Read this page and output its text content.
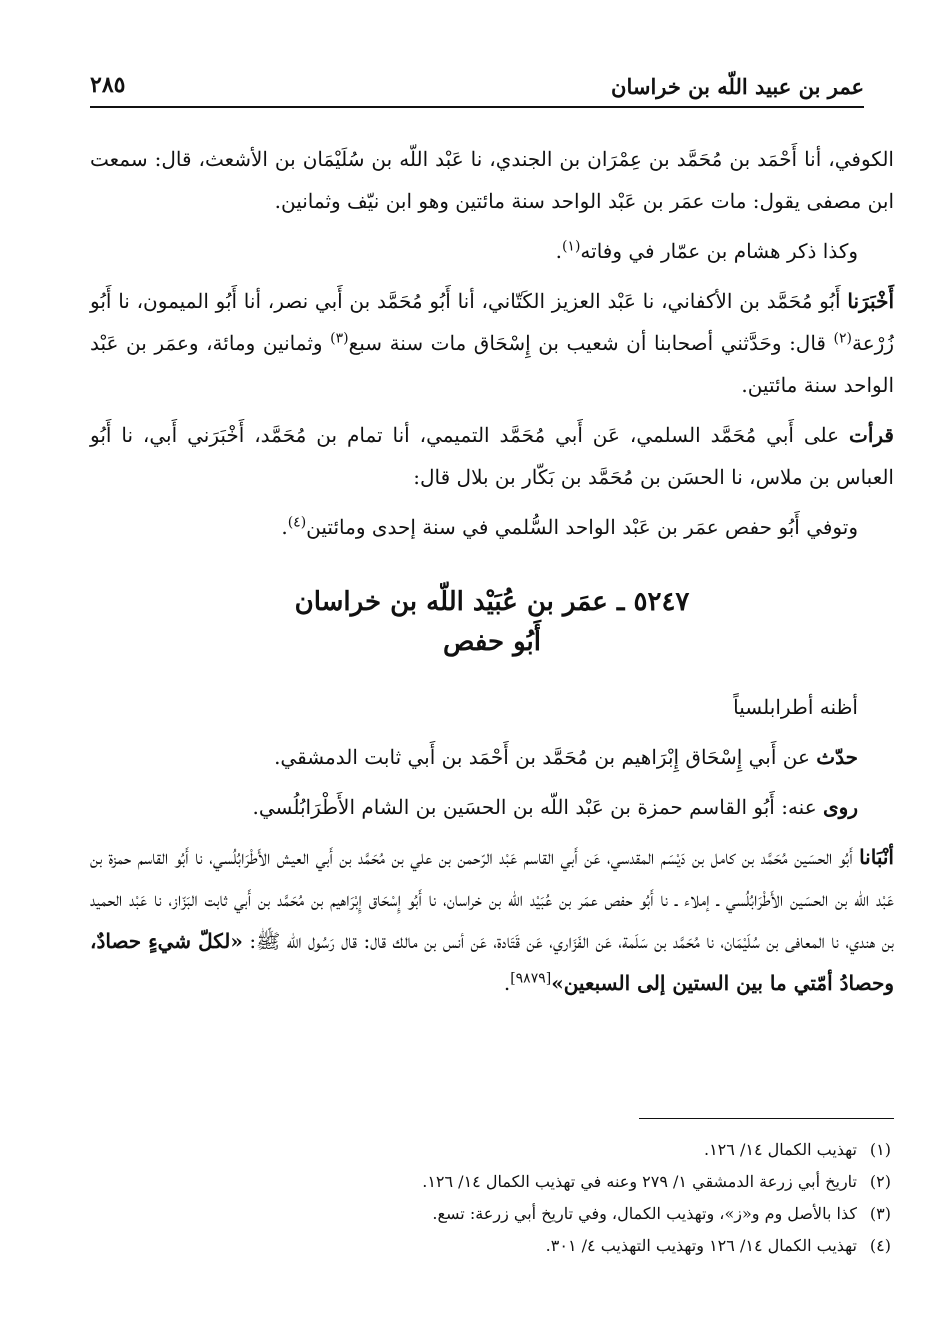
عمر بن عبيد اللّه بن خراسان
٢٨٥

الكوفي، أنا أَحْمَد بن مُحَمَّد بن عِمْرَان بن الجندي، نا عَبْد اللّه بن سُلَيْمَان بن الأشعث، قال: سمعت ابن مصفى يقول: مات عمَر بن عَبْد الواحد سنة مائتين وهو ابن نيّف وثمانين.

وكذا ذكر هشام بن عمّار في وفاته$^{(١)}$.

أَخْبَرَنا أَبُو مُحَمَّد بن الأكفاني، نا عَبْد العزيز الكَتّاني، أنا أَبُو مُحَمَّد بن أَبي نصر، أنا أَبُو الميمون، نا أَبُو زُرْعة$^{(٢)}$ قال: وحَدَّثني أصحابنا أن شعيب بن إِسْحَاق مات سنة سبع$^{(٣)}$ وثمانين ومائة، وعمَر بن عَبْد الواحد سنة مائتين.

قرأت على أَبي مُحَمَّد السلمي، عَن أَبي مُحَمَّد التميمي، أنا تمام بن مُحَمَّد، أَخْبَرَني أَبي، نا أَبُو العباس بن ملاس، نا الحسَن بن مُحَمَّد بن بَكّار بن بلال قال:

وتوفي أَبُو حفص عمَر بن عَبْد الواحد السُّلمي في سنة إحدى ومائتين$^{(٤)}$.

٥٢٤٧ ـ عمَر بن عُبَيْد اللّه بن خراسان
أَبُو حفص

أظنه أطرابلسياً

حدّث عن أَبي إِسْحَاق إِبْرَاهيم بن مُحَمَّد بن أَحْمَد بن أَبي ثابت الدمشقي.

روى عنه: أَبُو القاسم حمزة بن عَبْد اللّه بن الحسَين بن الشام الأَطْرَابُلُسي.

أنْبَانا أَبُو الحسَين مُحَمَّد بن كامل بن دَيْسَم المقدسي، عَن أَبي القاسم عَبْد الرّحمن بن علي بن مُحَمَّد بن أَبي العيش الأَطْرَابُلُسي، نا أَبُو القاسم حمزة بن عَبْد اللّه بن الحسَين الأَطْرَابُلُسي ـ إملاء ـ نا أَبُو حفص عمَر بن عُبَيْد اللّه بن خراسان، نا أَبُو إِسْحَاق إِبْرَاهيم بن مُحَمَّد بن أَبي ثابت البَزّاز، نا عَبْد الحميد بن هندي، نا المعافى بن سُلَيْمَان، نا مُحَمَّد بن سَلَمة، عَن الفَزَاري، عَن قَتَادة، عَن أنس بن مالك قال: قال رَسُول اللّه ﷺ: «لكلّ شيءٍ حصادٌ، وحصادُ أمّتي ما بين الستين إلى السبعين»[٩٨٧٩].

(١)تهذيب الكمال ١٤/ ١٢٦.
(٢)تاريخ أبي زرعة الدمشقي ١/ ٢٧٩ وعنه في تهذيب الكمال ١٤/ ١٢٦.
(٣)كذا بالأصل وم و«ز»، وتهذيب الكمال، وفي تاريخ أبي زرعة: تسع.
(٤)تهذيب الكمال ١٤/ ١٢٦ وتهذيب التهذيب ٤/ ٣٠١.
